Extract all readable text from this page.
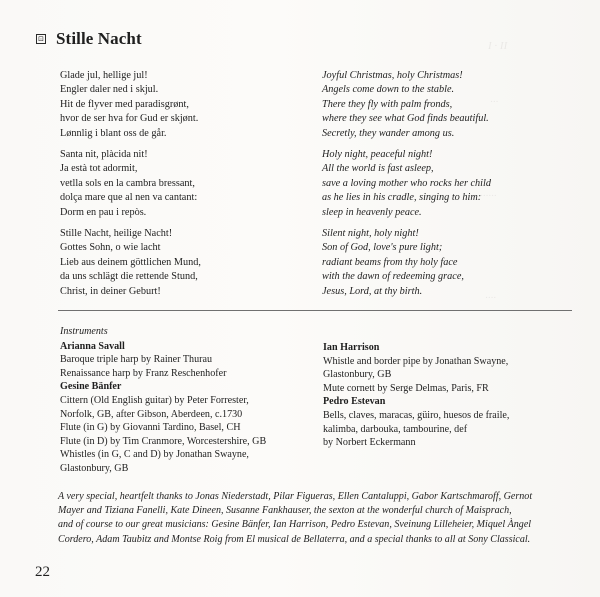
I · II
···
······
····
⊡ Stille Nacht
Glade jul, hellige jul!
Engler daler ned i skjul.
Hit de flyver med paradisgrønt,
hvor de ser hva for Gud er skjønt.
Lønnlig i blant oss de går.
Santa nit, plàcida nit!
Ja està tot adormit,
vetlla sols en la cambra bressant,
dolça mare que al nen va cantant:
Dorm en pau i repòs.
Stille Nacht, heilige Nacht!
Gottes Sohn, o wie lacht
Lieb aus deinem göttlichen Mund,
da uns schlägt die rettende Stund,
Christ, in deiner Geburt!
Joyful Christmas, holy Christmas!
Angels come down to the stable.
There they fly with palm fronds,
where they see what God finds beautiful.
Secretly, they wander among us.
Holy night, peaceful night!
All the world is fast asleep,
save a loving mother who rocks her child
as he lies in his cradle, singing to him:
sleep in heavenly peace.
Silent night, holy night!
Son of God, love's pure light;
radiant beams from thy holy face
with the dawn of redeeming grace,
Jesus, Lord, at thy birth.
Instruments
Arianna Savall
Baroque triple harp by Rainer Thurau
Renaissance harp by Franz Reschenhofer
Gesine Bänfer
Cittern (Old English guitar) by Peter Forrester,
Norfolk, GB, after Gibson, Aberdeen, c.1730
Flute (in G) by Giovanni Tardino, Basel, CH
Flute (in D) by Tim Cranmore, Worcestershire, GB
Whistles (in G, C and D) by Jonathan Swayne,
Glastonbury, GB
Ian Harrison
Whistle and border pipe by Jonathan Swayne,
Glastonbury, GB
Mute cornett by Serge Delmas, Paris, FR
Pedro Estevan
Bells, claves, maracas, güiro, huesos de fraile,
kalimba, darbouka, tambourine, def
by Norbert Eckermann
A very special, heartfelt thanks to Jonas Niederstadt, Pilar Figueras, Ellen Cantaluppi, Gabor Kartschmaroff, Gernot
Mayer and Tiziana Fanelli, Kate Dineen, Susanne Fankhauser, the sexton at the wonderful church of Maisprach,
and of course to our great musicians: Gesine Bänfer, Ian Harrison, Pedro Estevan, Sveinung Lilleheier, Miquel Àngel
Cordero, Adam Taubitz and Montse Roig from El musical de Bellaterra, and a special thanks to all at Sony Classical.
22
